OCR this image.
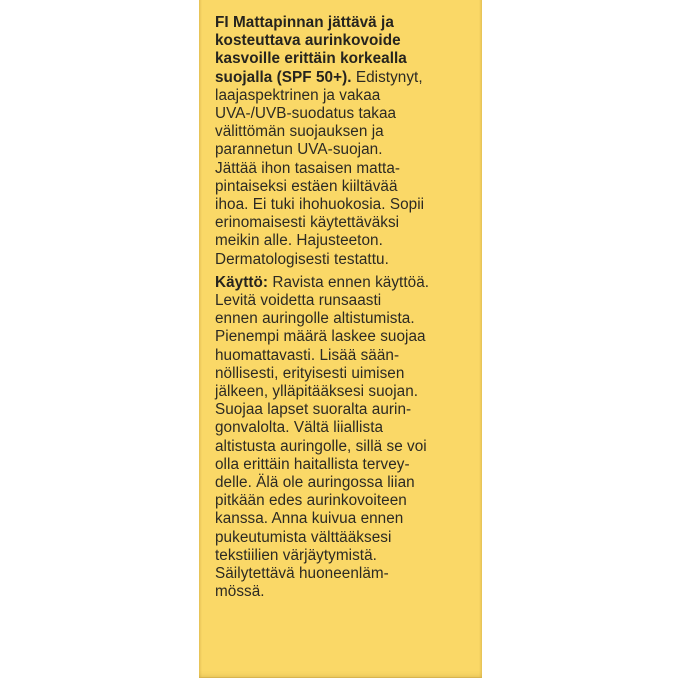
FI Mattapinnan jättävä ja
kosteuttava aurinkovoide
kasvoille erittäin korkealla
suojalla (SPF 50+). Edistynyt,
laajaspektrinen ja vakaa
UVA-/UVB-suodatus takaa
välittömän suojauksen ja
parannetun UVA-suojan.
Jättää ihon tasaisen matta-
pintaiseksi estäen kiiltävää
ihoa. Ei tuki ihohuokosia. Sopii
erinomaisesti käytettäväksi
meikin alle. Hajusteeton.
Dermatologisesti testattu.
Käyttö: Ravista ennen käyttöä.
Levitä voidetta runsaasti
ennen auringolle altistumista.
Pienempi määrä laskee suojaa
huomattavasti. Lisää sään-
nöllisesti, erityisesti uimisen
jälkeen, ylläpitääksesi suojan.
Suojaa lapset suoralta aurin-
gonvalolta. Vältä liiallista
altistusta auringolle, sillä se voi
olla erittäin haitallista tervey-
delle. Älä ole auringossa liian
pitkään edes aurinkovoiteen
kanssa. Anna kuivua ennen
pukeutumista välttääksesi
tekstiilien värjäytymistä.
Säilytettävä huoneenläm-
mössä.
